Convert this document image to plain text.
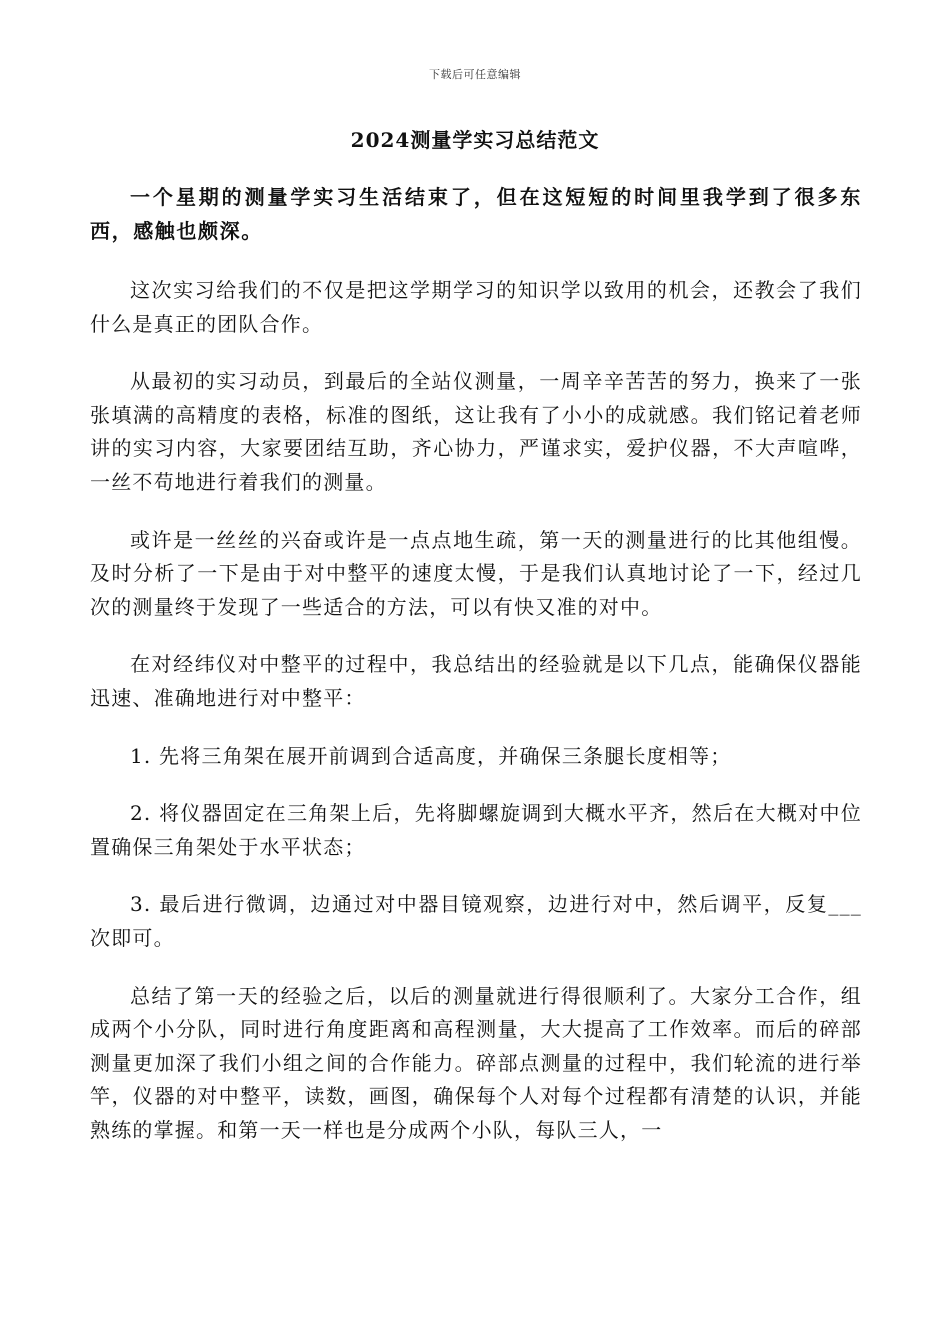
下载后可任意编辑
2024测量学实习总结范文

一个星期的测量学实习生活结束了，但在这短短的时间里我学到了很多东西，感触也颇深。

这次实习给我们的不仅是把这学期学习的知识学以致用的机会，还教会了我们什么是真正的团队合作。

从最初的实习动员，到最后的全站仪测量，一周辛辛苦苦的努力，换来了一张张填满的高精度的表格，标准的图纸，这让我有了小小的成就感。我们铭记着老师讲的实习内容，大家要团结互助，齐心协力，严谨求实，爱护仪器，不大声喧哗，一丝不苟地进行着我们的测量。

或许是一丝丝的兴奋或许是一点点地生疏，第一天的测量进行的比其他组慢。及时分析了一下是由于对中整平的速度太慢，于是我们认真地讨论了一下，经过几次的测量终于发现了一些适合的方法，可以有快又准的对中。

在对经纬仪对中整平的过程中，我总结出的经验就是以下几点，能确保仪器能迅速、准确地进行对中整平：

1. 先将三角架在展开前调到合适高度，并确保三条腿长度相等；

2. 将仪器固定在三角架上后，先将脚螺旋调到大概水平齐，然后在大概对中位置确保三角架处于水平状态；

3. 最后进行微调，边通过对中器目镜观察，边进行对中，然后调平，反复___次即可。

总结了第一天的经验之后，以后的测量就进行得很顺利了。大家分工合作，组成两个小分队，同时进行角度距离和高程测量，大大提高了工作效率。而后的碎部测量更加深了我们小组之间的合作能力。碎部点测量的过程中，我们轮流的进行举竿，仪器的对中整平，读数，画图，确保每个人对每个过程都有清楚的认识，并能熟练的掌握。和第一天一样也是分成两个小队，每队三人，一
